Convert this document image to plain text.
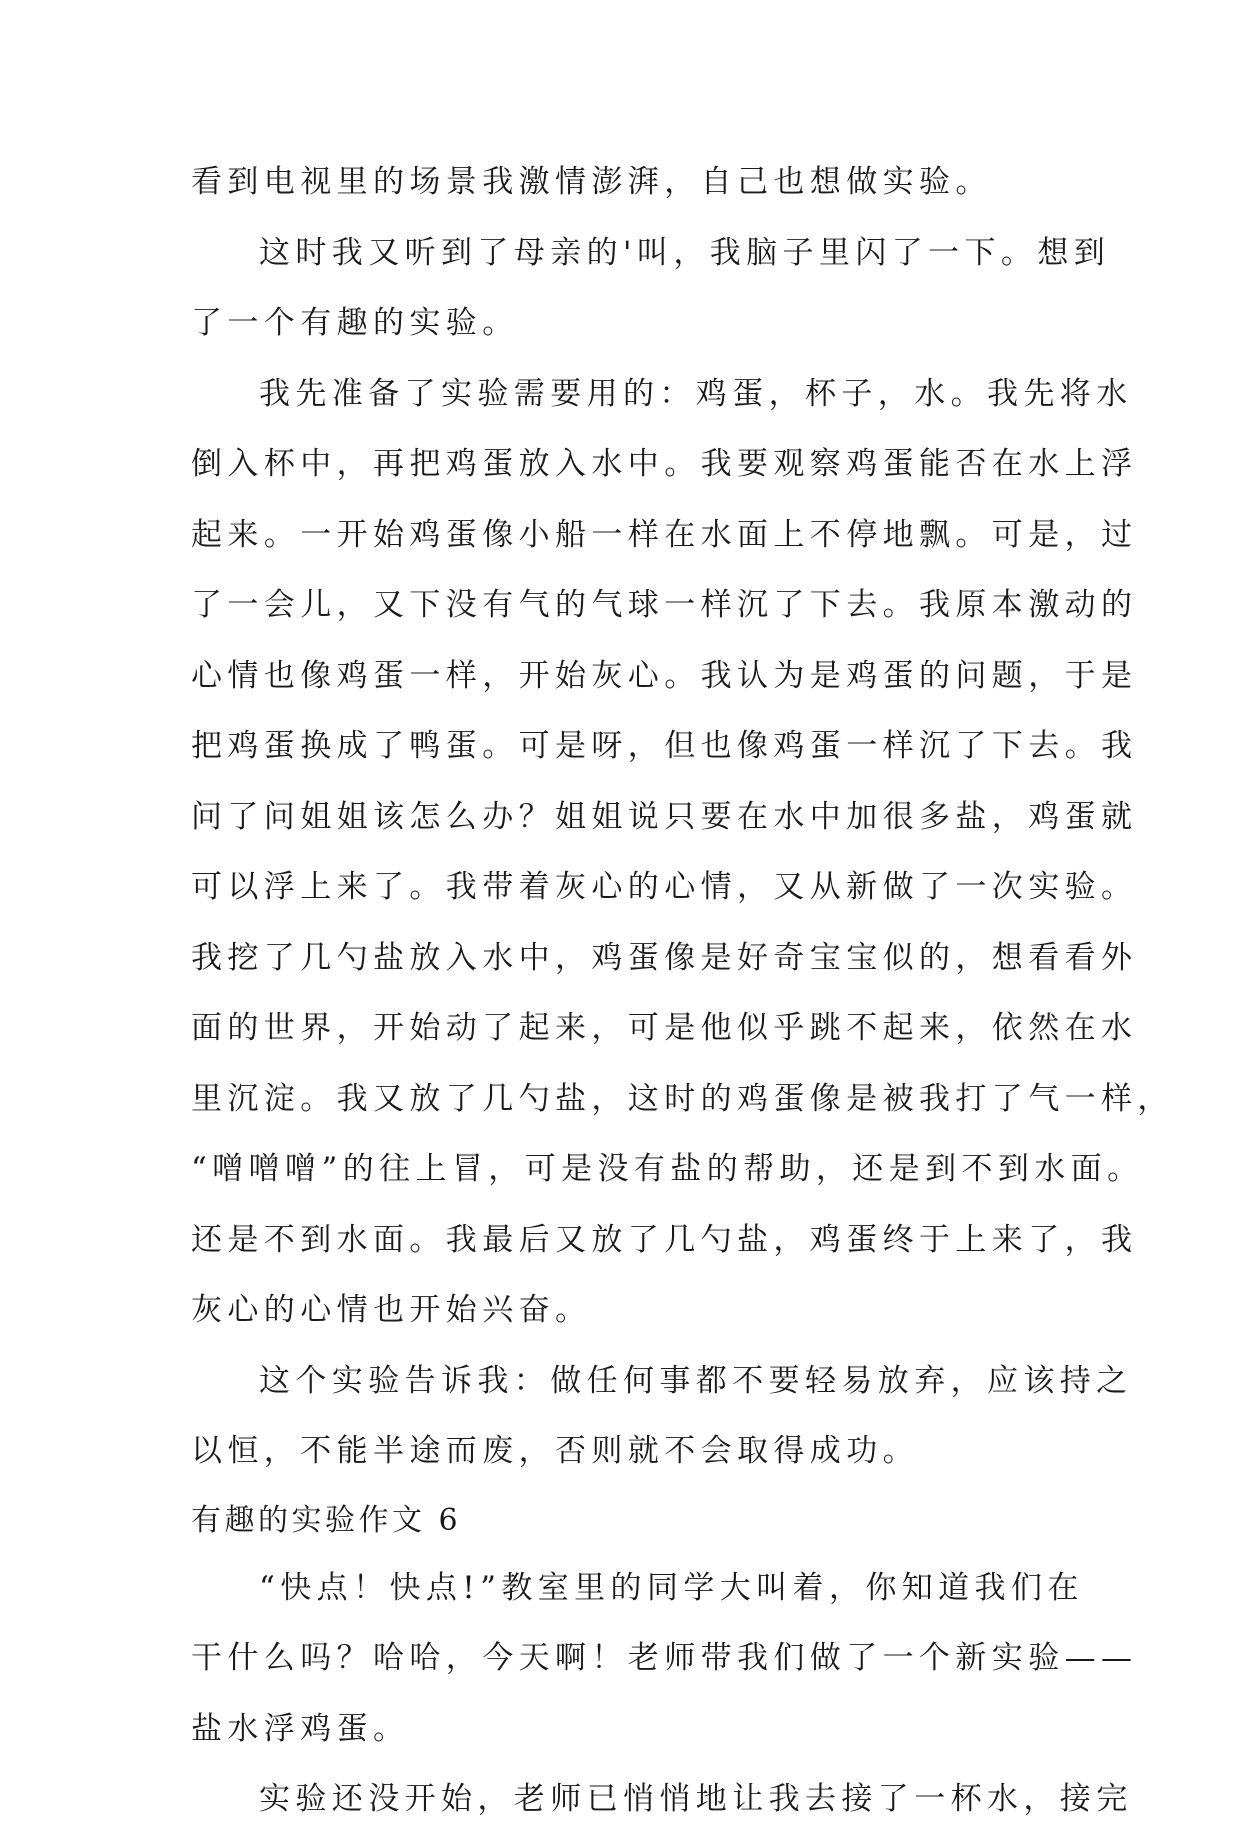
看到电视里的场景我激情澎湃，自己也想做实验。
这时我又听到了母亲的'叫，我脑子里闪了一下。想到
了一个有趣的实验。
我先准备了实验需要用的：鸡蛋，杯子，水。我先将水
倒入杯中，再把鸡蛋放入水中。我要观察鸡蛋能否在水上浮
起来。一开始鸡蛋像小船一样在水面上不停地飘。可是，过
了一会儿，又下没有气的气球一样沉了下去。我原本激动的
心情也像鸡蛋一样，开始灰心。我认为是鸡蛋的问题，于是
把鸡蛋换成了鸭蛋。可是呀，但也像鸡蛋一样沉了下去。我
问了问姐姐该怎么办？姐姐说只要在水中加很多盐，鸡蛋就
可以浮上来了。我带着灰心的心情，又从新做了一次实验。
我挖了几勺盐放入水中，鸡蛋像是好奇宝宝似的，想看看外
面的世界，开始动了起来，可是他似乎跳不起来，依然在水
里沉淀。我又放了几勺盐，这时的鸡蛋像是被我打了气一样，
“噌噌噌”的往上冒，可是没有盐的帮助，还是到不到水面。
还是不到水面。我最后又放了几勺盐，鸡蛋终于上来了，我
灰心的心情也开始兴奋。
这个实验告诉我：做任何事都不要轻易放弃，应该持之
以恒，不能半途而废，否则就不会取得成功。
有趣的实验作文 6
“快点！快点!”教室里的同学大叫着，你知道我们在
干什么吗？哈哈，今天啊！老师带我们做了一个新实验——
盐水浮鸡蛋。
实验还没开始，老师已悄悄地让我去接了一杯水，接完
